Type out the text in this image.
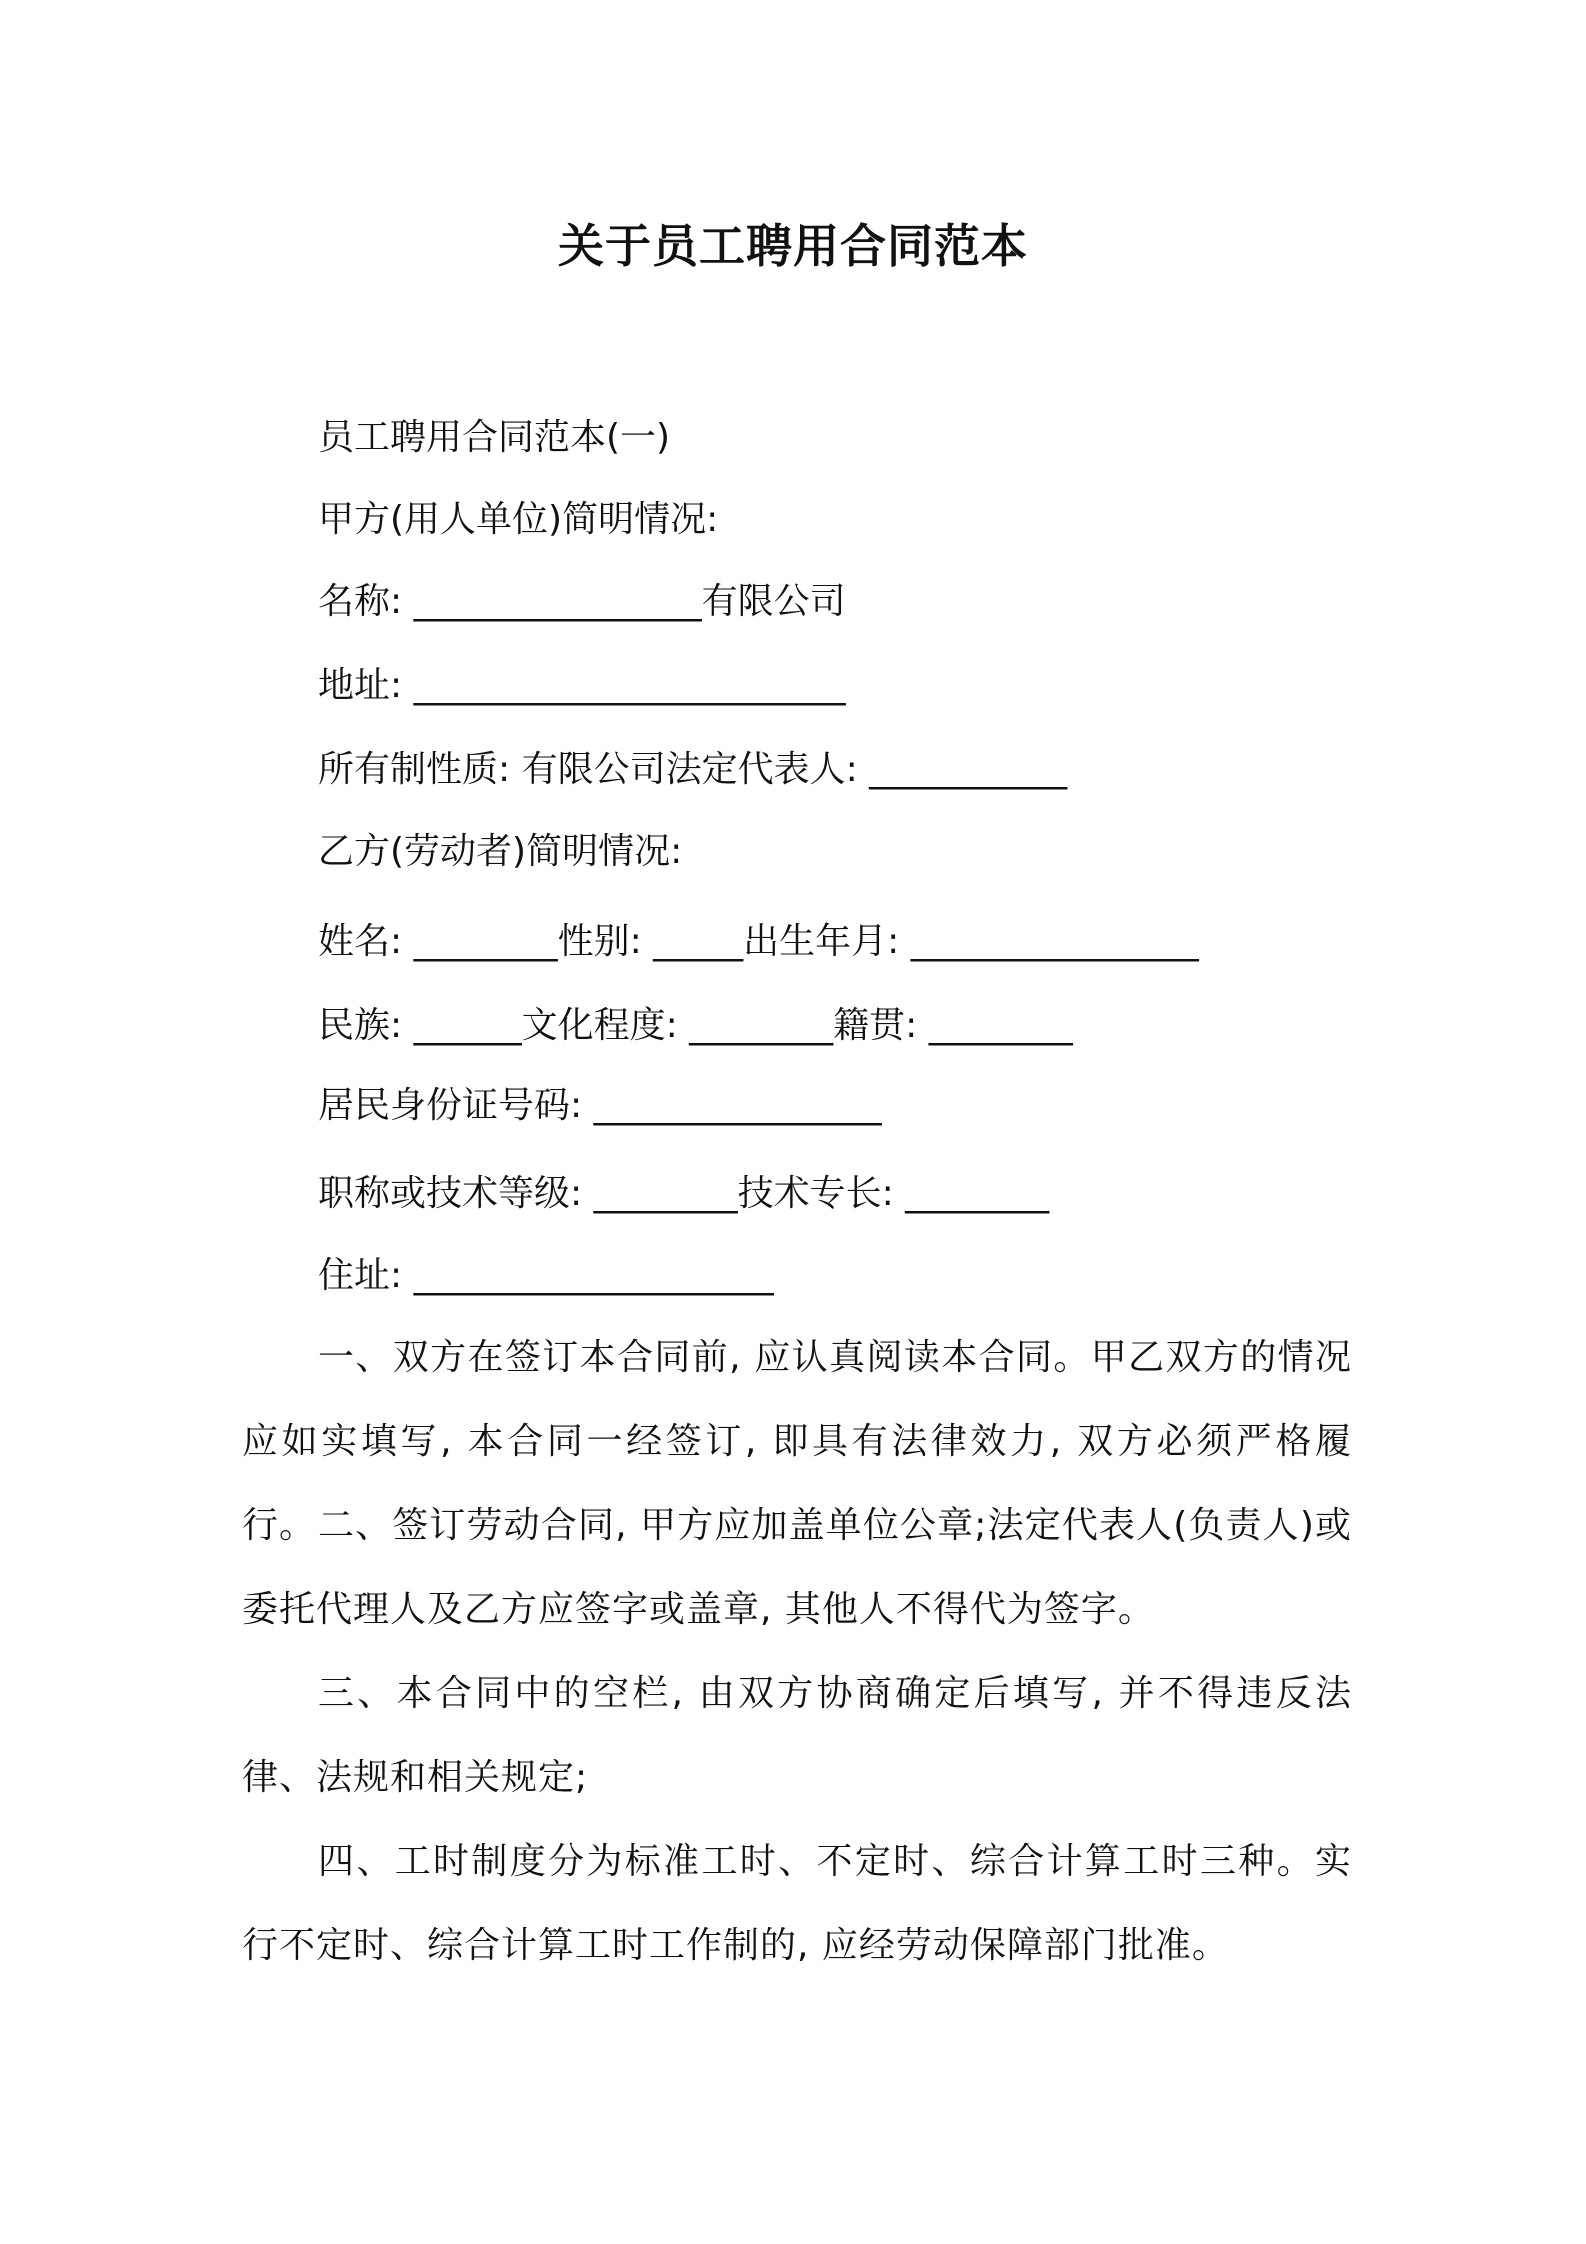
关于员工聘用合同范本

员工聘用合同范本(一)

甲方(用人单位)简明情况:

名称: ________________有限公司

地址: ________________________

所有制性质: 有限公司法定代表人: ___________

乙方(劳动者)简明情况:

姓名: ________性别: _____出生年月: ________________

民族: ______文化程度: ________籍贯: ________

居民身份证号码: ________________

职称或技术等级: ________技术专长: ________

住址: ____________________

一、双方在签订本合同前, 应认真阅读本合同。甲乙双方的情况应如实填写, 本合同一经签订, 即具有法律效力, 双方必须严格履行。 二、签订劳动合同, 甲方应加盖单位公章;法定代表人(负责人)或委托代理人及乙方应签字或盖章, 其他人不得代为签字。

三、本合同中的空栏, 由双方协商确定后填写, 并不得违反法律、法规和相关规定;

四、工时制度分为标准工时、不定时、综合计算工时三种。实行不定时、综合计算工时工作制的, 应经劳动保障部门批准。
